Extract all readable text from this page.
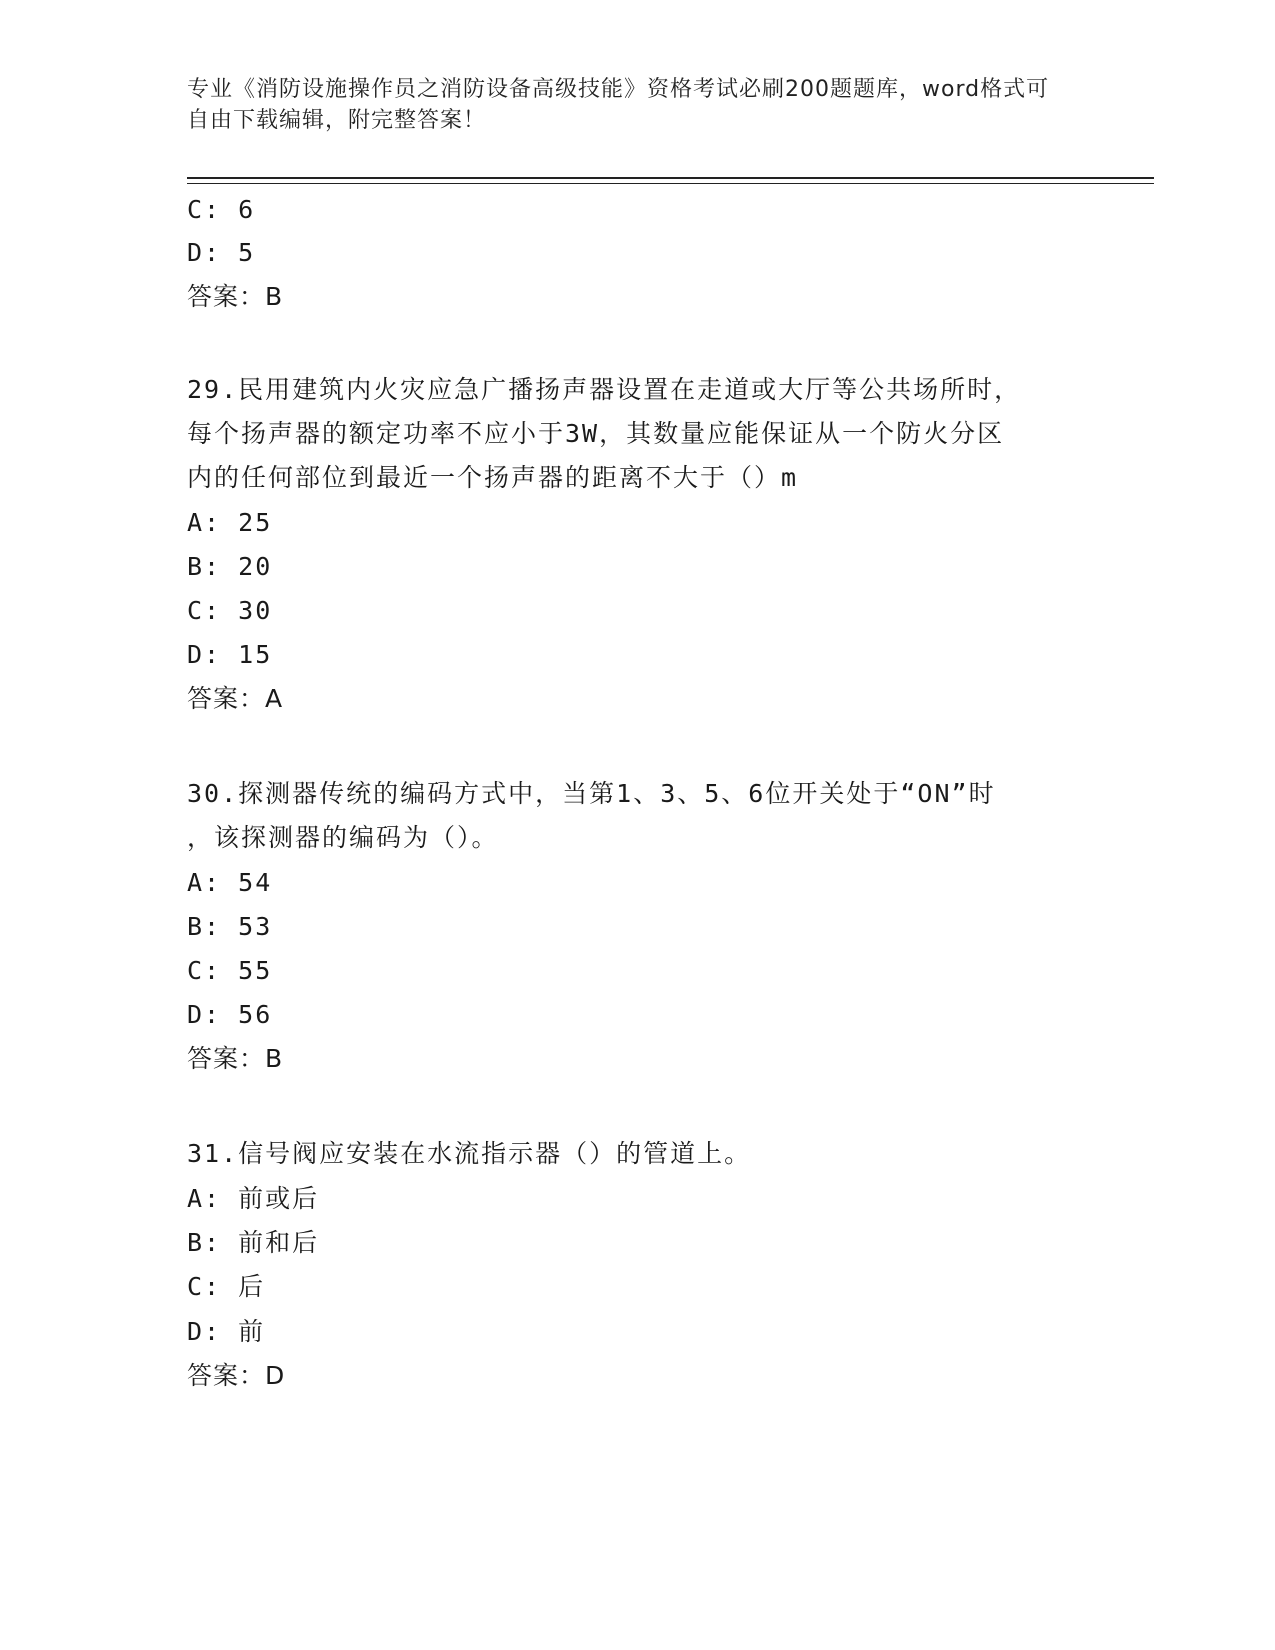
专业《消防设施操作员之消防设备高级技能》资格考试必刷200题题库，word格式可自由下载编辑，附完整答案！
C: 6
D: 5
答案：B
29.民用建筑内火灾应急广播扬声器设置在走道或大厅等公共场所时，
每个扬声器的额定功率不应小于3W，其数量应能保证从一个防火分区
内的任何部位到最近一个扬声器的距离不大于（）m
A: 25
B: 20
C: 30
D: 15
答案：A
30.探测器传统的编码方式中，当第1、3、5、6位开关处于“ON”时
，该探测器的编码为（）。
A: 54
B: 53
C: 55
D: 56
答案：B
31.信号阀应安装在水流指示器（）的管道上。
A: 前或后
B: 前和后
C: 后
D: 前
答案：D
